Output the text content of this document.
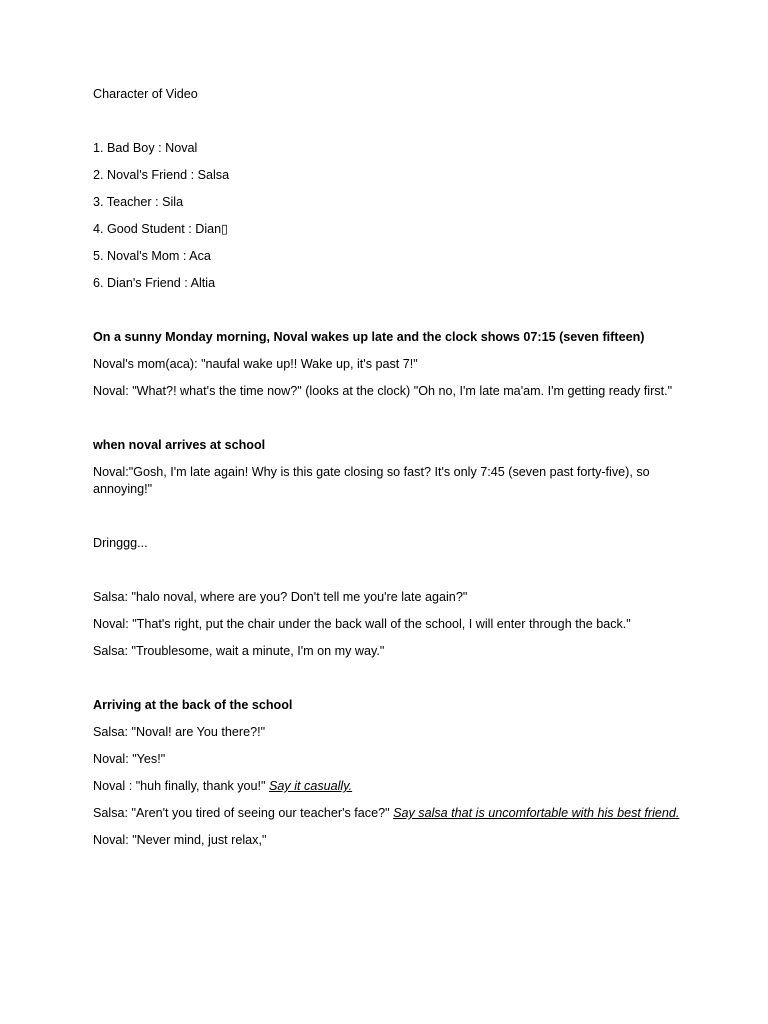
Character of Video

1. Bad Boy : Noval

2. Noval's Friend : Salsa

3. Teacher : Sila

4. Good Student : Dian▯

5. Noval's Mom : Aca

6. Dian's Friend : Altia

On a sunny Monday morning, Noval wakes up late and the clock shows 07:15 (seven fifteen)

Noval's mom(aca): "naufal wake up!! Wake up, it's past 7!"

Noval: "What?! what's the time now?" (looks at the clock) "Oh no, I'm late ma'am. I'm getting ready first."

when noval arrives at school

Noval:"Gosh, I'm late again! Why is this gate closing so fast? It's only 7:45 (seven past forty-five), so annoying!"

Dringgg...

Salsa: "halo noval, where are you? Don't tell me you're late again?"

Noval: "That's right, put the chair under the back wall of the school, I will enter through the back."

Salsa: "Troublesome, wait a minute, I'm on my way."

Arriving at the back of the school

Salsa: "Noval! are You there?!"

Noval: "Yes!"

Noval : "huh finally, thank you!" Say it casually.

Salsa: "Aren't you tired of seeing our teacher's face?" Say salsa that is uncomfortable with his best friend.

Noval: "Never mind, just relax,"
